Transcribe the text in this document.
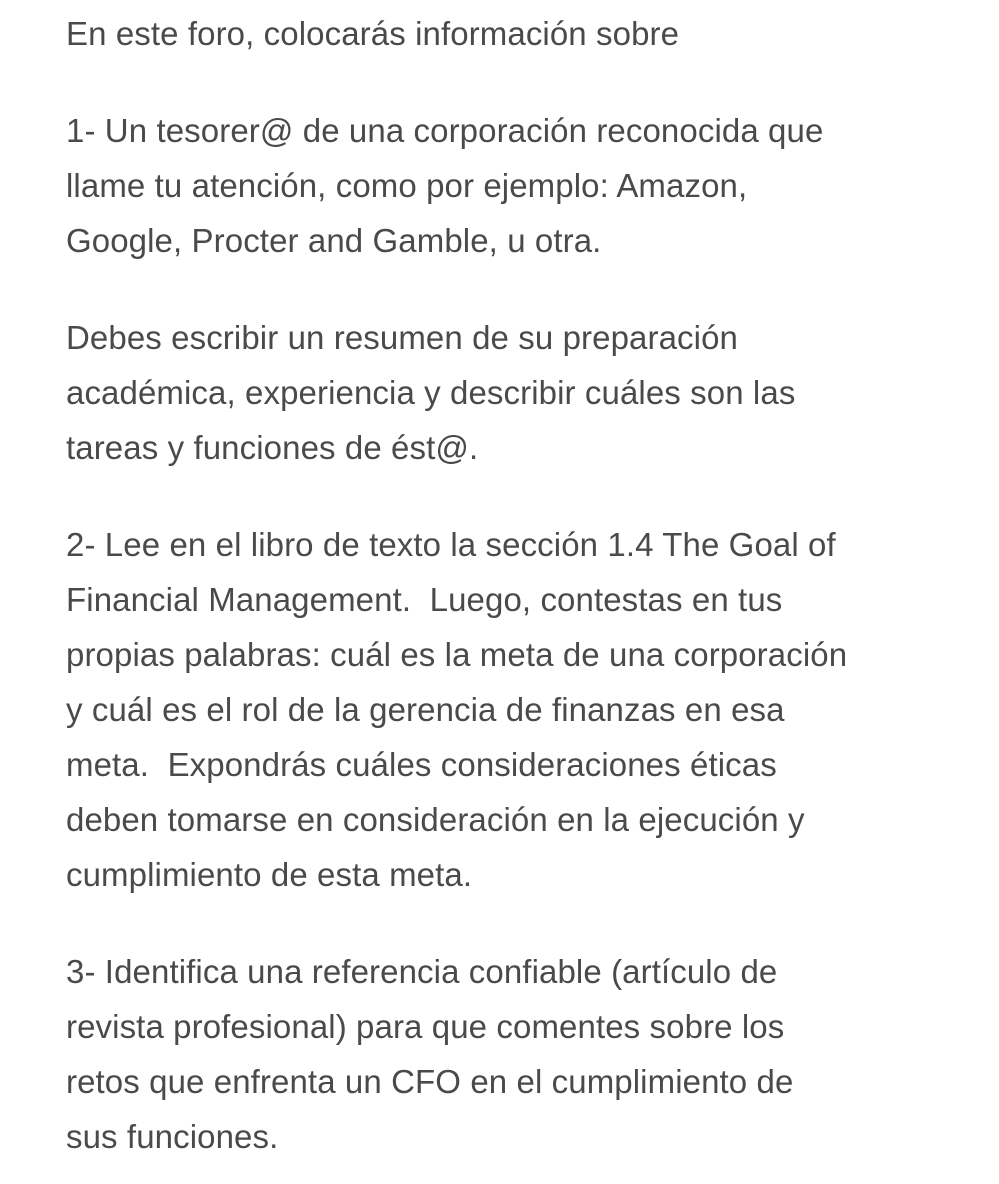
En este foro, colocarás información sobre

1- Un tesorer@ de una corporación reconocida que
llame tu atención, como por ejemplo: Amazon,
Google, Procter and Gamble, u otra.

Debes escribir un resumen de su preparación
académica, experiencia y describir cuáles son las
tareas y funciones de ést@.

2- Lee en el libro de texto la sección 1.4 The Goal of
Financial Management.  Luego, contestas en tus
propias palabras: cuál es la meta de una corporación
y cuál es el rol de la gerencia de finanzas en esa
meta.  Expondrás cuáles consideraciones éticas
deben tomarse en consideración en la ejecución y
cumplimiento de esta meta.

3- Identifica una referencia confiable (artículo de
revista profesional) para que comentes sobre los
retos que enfrenta un CFO en el cumplimiento de
sus funciones.
